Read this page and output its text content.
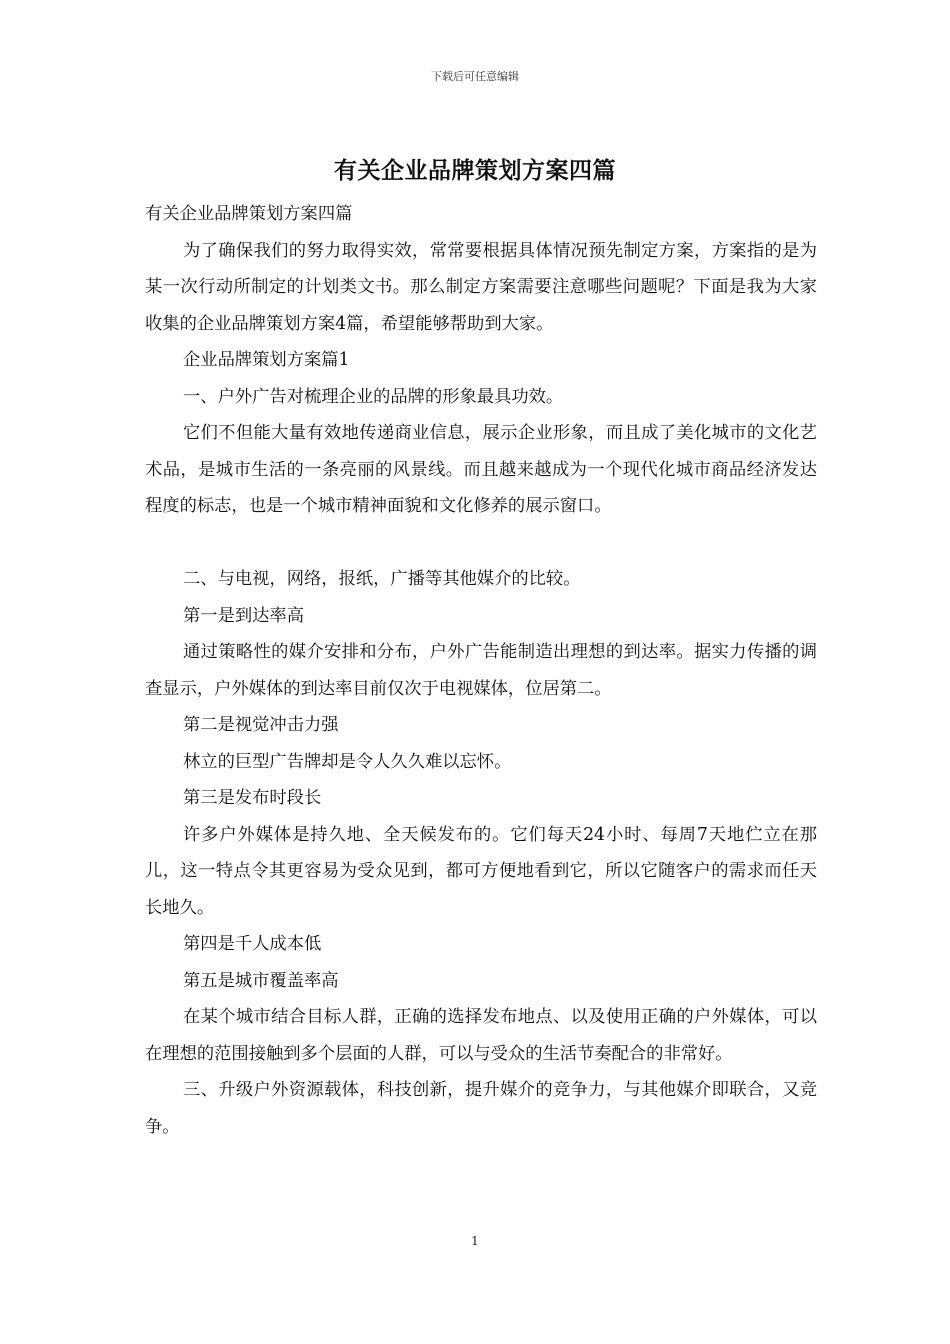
下载后可任意编辑
有关企业品牌策划方案四篇

有关企业品牌策划方案四篇

为了确保我们的努力取得实效，常常要根据具体情况预先制定方案，方案指的是为某一次行动所制定的计划类文书。那么制定方案需要注意哪些问题呢？下面是我为大家收集的企业品牌策划方案4篇，希望能够帮助到大家。

企业品牌策划方案篇1

一、户外广告对梳理企业的品牌的形象最具功效。

它们不但能大量有效地传递商业信息，展示企业形象，而且成了美化城市的文化艺术品，是城市生活的一条亮丽的风景线。而且越来越成为一个现代化城市商品经济发达程度的标志，也是一个城市精神面貌和文化修养的展示窗口。

二、与电视，网络，报纸，广播等其他媒介的比较。

第一是到达率高

通过策略性的媒介安排和分布，户外广告能制造出理想的到达率。据实力传播的调查显示，户外媒体的到达率目前仅次于电视媒体，位居第二。

第二是视觉冲击力强

林立的巨型广告牌却是令人久久难以忘怀。

第三是发布时段长

许多户外媒体是持久地、全天候发布的。它们每天24小时、每周7天地伫立在那儿，这一特点令其更容易为受众见到，都可方便地看到它，所以它随客户的需求而任天长地久。

第四是千人成本低

第五是城市覆盖率高

在某个城市结合目标人群，正确的选择发布地点、以及使用正确的户外媒体，可以在理想的范围接触到多个层面的人群，可以与受众的生活节奏配合的非常好。

三、升级户外资源载体，科技创新，提升媒介的竞争力，与其他媒介即联合，又竞争。

1
